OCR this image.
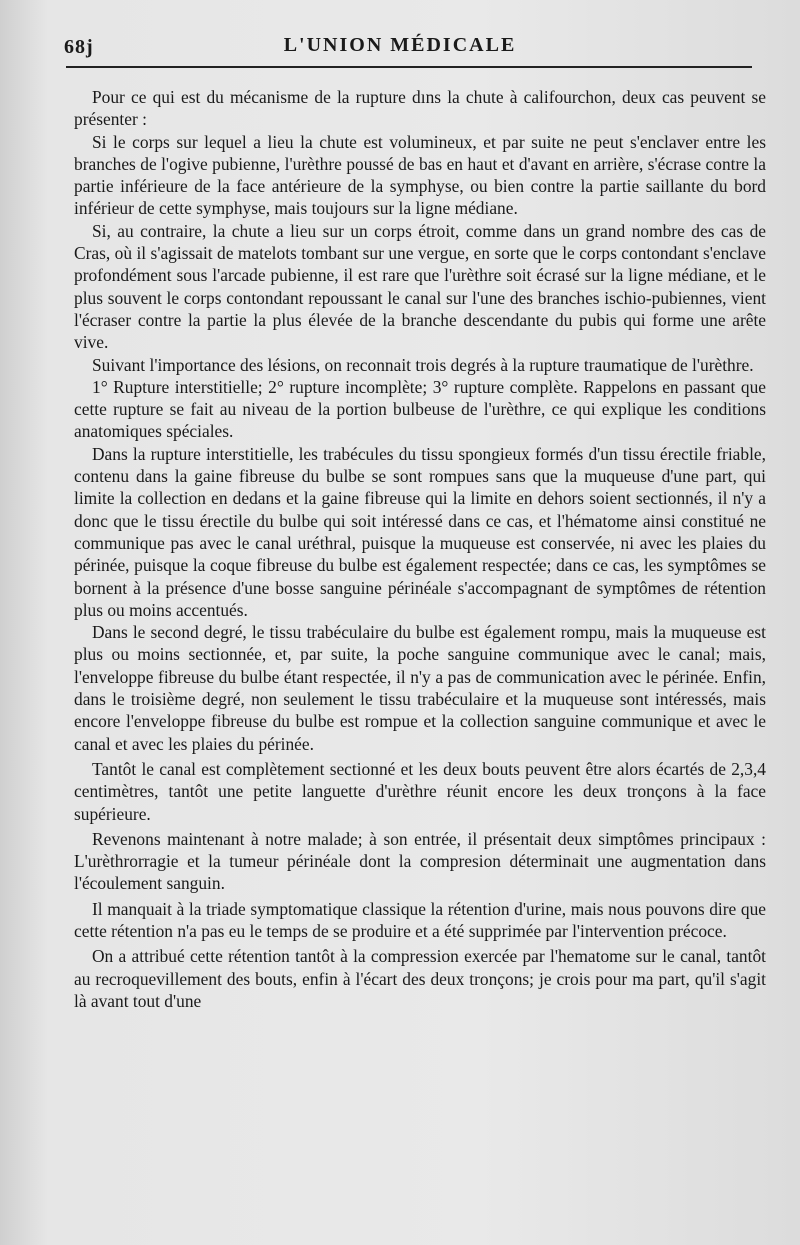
68ј	L'UNION MÉDICALE

Pour ce qui est du mécanisme de la rupture dıns la chute à califourchon, deux cas peuvent se présenter :

Si le corps sur lequel a lieu la chute est volumineux, et par suite ne peut s'enclaver entre les branches de l'ogive pubienne, l'urèthre poussé de bas en haut et d'avant en arrière, s'écrase contre la partie inférieure de la face antérieure de la symphyse, ou bien contre la partie saillante du bord inférieur de cette symphyse, mais toujours sur la ligne médiane.

Si, au contraire, la chute a lieu sur un corps étroit, comme dans un grand nombre des cas de Cras, où il s'agissait de matelots tombant sur une vergue, en sorte que le corps contondant s'enclave profondément sous l'arcade pubienne, il est rare que l'urèthre soit écrasé sur la ligne médiane, et le plus souvent le corps contondant repoussant le canal sur l'une des branches ischio-pubiennes, vient l'écraser contre la partie la plus élevée de la branche descendante du pubis qui forme une arête vive.

Suivant l'importance des lésions, on reconnait trois degrés à la rupture traumatique de l'urèthre.

1° Rupture interstitielle; 2° rupture incomplète; 3° rupture complète. Rappelons en passant que cette rupture se fait au niveau de la portion bulbeuse de l'urèthre, ce qui explique les conditions anatomiques spéciales.

Dans la rupture interstitielle, les trabécules du tissu spongieux formés d'un tissu érectile friable, contenu dans la gaine fibreuse du bulbe se sont rompues sans que la muqueuse d'une part, qui limite la collection en dedans et la gaine fibreuse qui la limite en dehors soient sectionnés, il n'y a donc que le tissu érectile du bulbe qui soit intéressé dans ce cas, et l'hématome ainsi constitué ne communique pas avec le canal uréthral, puisque la muqueuse est conservée, ni avec les plaies du périnée, puisque la coque fibreuse du bulbe est également respectée; dans ce cas, les symptômes se bornent à la présence d'une bosse sanguine périnéale s'accompagnant de symptômes de rétention plus ou moins accentués.

Dans le second degré, le tissu trabéculaire du bulbe est également rompu, mais la muqueuse est plus ou moins sectionnée, et, par suite, la poche sanguine communique avec le canal; mais, l'enveloppe fibreuse du bulbe étant respectée, il n'y a pas de communication avec le périnée. Enfin, dans le troisième degré, non seulement le tissu trabéculaire et la muqueuse sont intéressés, mais encore l'enveloppe fibreuse du bulbe est rompue et la collection sanguine communique et avec le canal et avec les plaies du périnée.

Tantôt le canal est complètement sectionné et les deux bouts peuvent être alors écartés de 2,3,4 centimètres, tantôt une petite languette d'urèthre réunit encore les deux tronçons à la face supérieure.

Revenons maintenant à notre malade; à son entrée, il présentait deux simptômes principaux : L'urèthrorragie et la tumeur périnéale dont la compresion déterminait une augmentation dans l'écoulement sanguin.

Il manquait à la triade symptomatique classique la rétention d'urine, mais nous pouvons dire que cette rétention n'a pas eu le temps de se produire et a été supprimée par l'intervention précoce.

On a attribué cette rétention tantôt à la compression exercée par l'hematome sur le canal, tantôt au recroquevillement des bouts, enfin à l'écart des deux tronçons; je crois pour ma part, qu'il s'agit là avant tout d'une
